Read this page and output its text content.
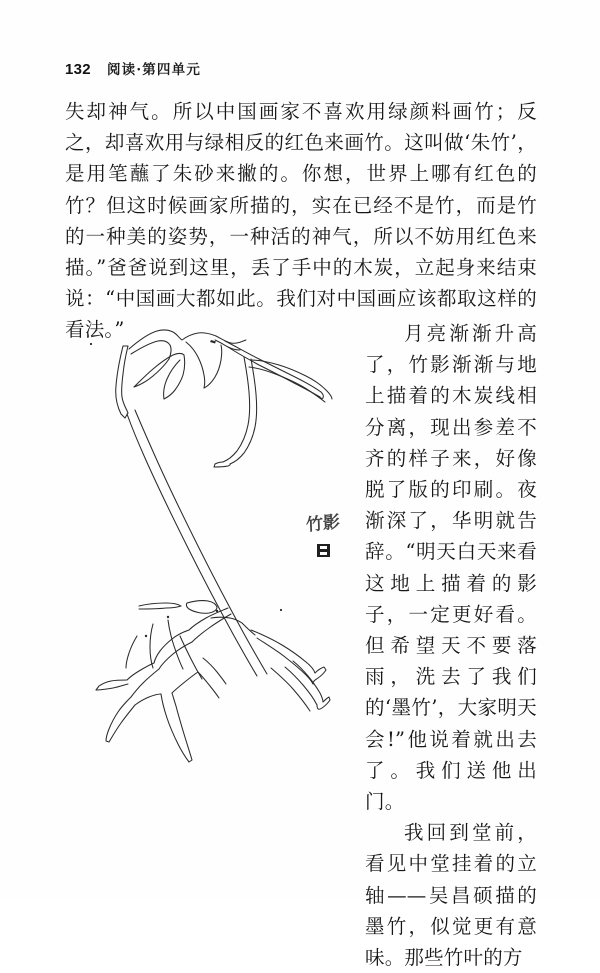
132 阅读·第四单元

失却神气。所以中国画家不喜欢用绿颜料画竹；反之，却喜欢用与绿相反的红色来画竹。这叫做‘朱竹’，是用笔蘸了朱砂来撇的。你想，世界上哪有红色的竹？但这时候画家所描的，实在已经不是竹，而是竹的一种美的姿势，一种活的神气，所以不妨用红色来描。”爸爸说到这里，丢了手中的木炭，立起身来结束说：“中国画大都如此。我们对中国画应该都取这样的看法。”

竹影

月亮渐渐升高了，竹影渐渐与地上描着的木炭线相分离，现出参差不齐的样子来，好像脱了版的印刷。夜渐深了，华明就告辞。“明天白天来看这地上描着的影子，一定更好看。但希望天不要落雨，洗去了我们的‘墨竹’，大家明天会!”他说着就出去了。我们送他出门。

我回到堂前，看见中堂挂着的立轴——吴昌硕描的墨竹，似觉更有意味。那些竹叶的方
